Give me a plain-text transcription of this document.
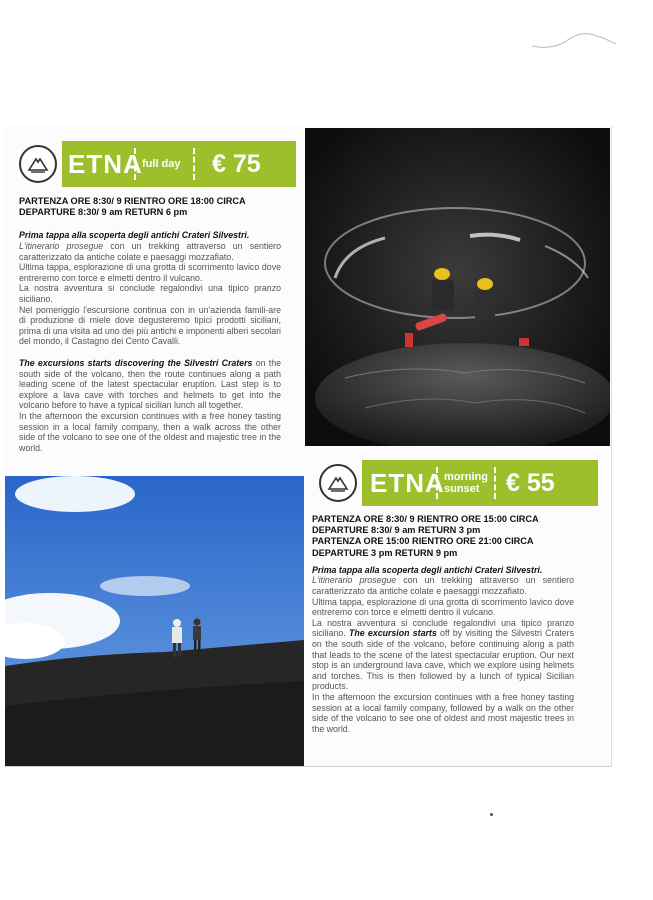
ETNA full day € 75
PARTENZA ORE 8:30/ 9 RIENTRO ORE 18:00 CIRCA
DEPARTURE 8:30/ 9 am RETURN 6 pm

Prima tappa alla scoperta degli antichi Crateri Silvestri.
L'itinerario prosegue con un trekking attraverso un sentiero caratterizzato da antiche colate e paesaggi mozzafiato.
Ultima tappa, esplorazione di una grotta di scorrimento lavico dove entreremo con torce e elmetti dentro il vulcano.
La nostra avventura si conclude regalondivi una tipico pranzo siciliano.
Nel pomeriggio l'escursione continua con in un'azienda famili-are di produzione di miele dove degusteremo tipici prodotti siciliani, prima di una visita ad uno dei più antichi e imponenti alberi secolari del mondo, il Castagno dei Cento Cavalli.

The excursions starts discovering the Silvestri Craters on the south side of the volcano, then the route continues along a path leading scene of the latest spectacular eruption. Last step is to explore a lava cave with torches and helmets to get into the volcano before to have a typical sicilian lunch all together.
In the afternoon the excursion continues with a free honey tasting session in a local family company, then a walk across the other side of the volcano to see one of the oldest and majestic tree in the world.

ETNA morning
sunset € 55
PARTENZA ORE 8:30/ 9 RIENTRO ORE 15:00 CIRCA
DEPARTURE 8:30/ 9 am RETURN 3 pm
PARTENZA ORE 15:00 RIENTRO ORE 21:00 CIRCA
DEPARTURE 3 pm RETURN 9 pm

Prima tappa alla scoperta degli antichi Crateri Silvestri.
L'itinerario prosegue con un trekking attraverso un sentiero caratterizzato da antiche colate e paesaggi mozzafiato.
Ultima tappa, esplorazione di una grotta di scorrimento lavico dove entreremo con torce e elmetti dentro il vulcano.
La nostra avventura si conclude regalondivi una tipico pranzo siciliano. The excursion starts off by visiting the Silvestri Craters on the south side of the volcano, before continuing along a path that leads to the scene of the latest spectacular eruption. Our next stop is an underground lava cave, which we explore using helmets and torches. This is then followed by a lunch of typical Sicilian products.
In the afternoon the excursion continues with a free honey tasting session at a local family company, followed by a walk on the other side of the volcano to see one of oldest and most majestic trees in the world.
